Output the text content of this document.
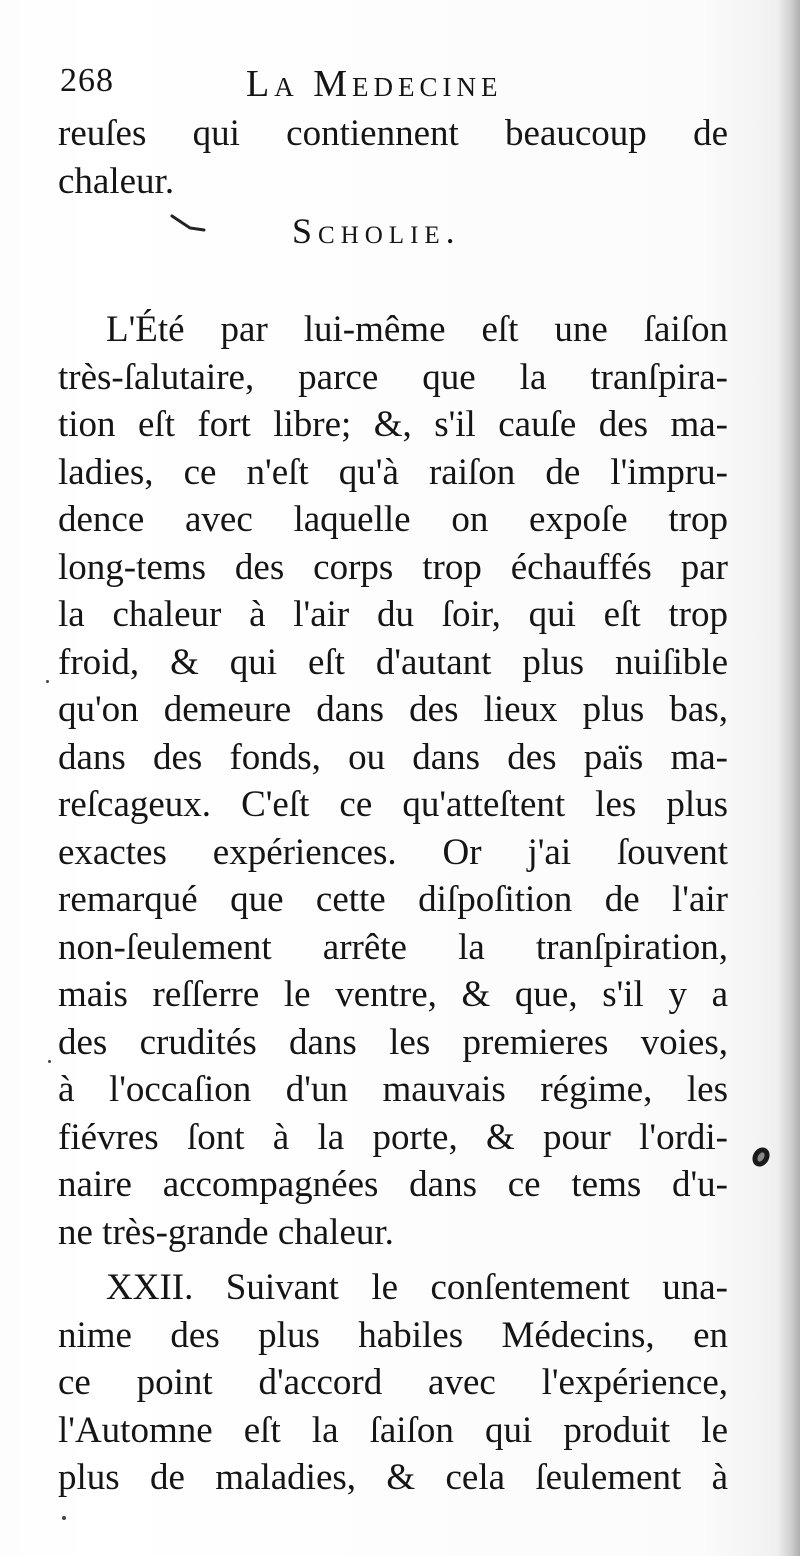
268	La Medecine
reuſes qui contiennent beaucoup de
chaleur.
Scholie.
L'Été par lui-même eſt une ſaiſon
très-ſalutaire, parce que la tranſpira-
tion eſt fort libre; &, s'il cauſe des ma-
ladies, ce n'eſt qu'à raiſon de l'impru-
dence avec laquelle on expoſe trop
long-tems des corps trop échauffés par
la chaleur à l'air du ſoir, qui eſt trop
froid, & qui eſt d'autant plus nuiſible
qu'on demeure dans des lieux plus bas,
dans des fonds, ou dans des païs ma-
reſcageux. C'eſt ce qu'atteſtent les plus
exactes expériences. Or j'ai ſouvent
remarqué que cette diſpoſition de l'air
non-ſeulement arrête la tranſpiration,
mais reſſerre le ventre, & que, s'il y a
des crudités dans les premieres voies,
à l'occaſion d'un mauvais régime, les
fiévres ſont à la porte, & pour l'ordi-
naire accompagnées dans ce tems d'u-
ne très-grande chaleur.
XXII. Suivant le conſentement una-
nime des plus habiles Médecins, en
ce point d'accord avec l'expérience,
l'Automne eſt la ſaiſon qui produit le
plus de maladies, & cela ſeulement à
